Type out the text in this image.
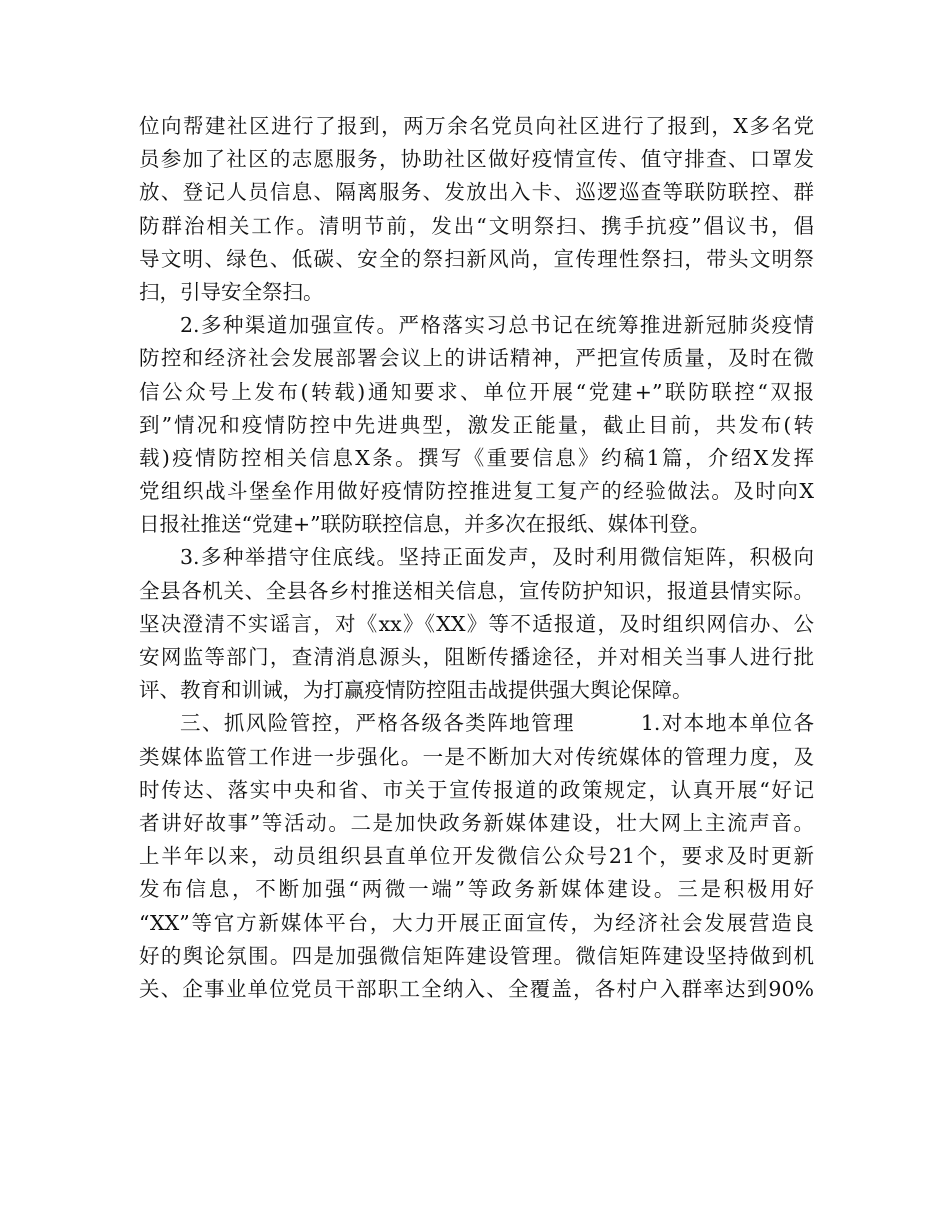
位向帮建社区进行了报到，两万余名党员向社区进行了报到，X多名党
员参加了社区的志愿服务，协助社区做好疫情宣传、值守排查、口罩发
放、登记人员信息、隔离服务、发放出入卡、巡逻巡查等联防联控、群
防群治相关工作。清明节前，发出“文明祭扫、携手抗疫”倡议书，倡
导文明、绿色、低碳、安全的祭扫新风尚，宣传理性祭扫，带头文明祭
扫，引导安全祭扫。
2.多种渠道加强宣传。严格落实习总书记在统筹推进新冠肺炎疫情
防控和经济社会发展部署会议上的讲话精神，严把宣传质量，及时在微
信公众号上发布(转载)通知要求、单位开展“党建+”联防联控“双报
到”情况和疫情防控中先进典型，激发正能量，截止目前，共发布(转
载)疫情防控相关信息X条。撰写《重要信息》约稿1篇，介绍X发挥
党组织战斗堡垒作用做好疫情防控推进复工复产的经验做法。及时向X
日报社推送“党建+”联防联控信息，并多次在报纸、媒体刊登。
3.多种举措守住底线。坚持正面发声，及时利用微信矩阵，积极向
全县各机关、全县各乡村推送相关信息，宣传防护知识，报道县情实际。
坚决澄清不实谣言，对《xx》《XX》等不适报道，及时组织网信办、公
安网监等部门，查清消息源头，阻断传播途径，并对相关当事人进行批
评、教育和训诫，为打赢疫情防控阻击战提供强大舆论保障。
三、抓风险管控，严格各级各类阵地管理　　　1.对本地本单位各
类媒体监管工作进一步强化。一是不断加大对传统媒体的管理力度，及
时传达、落实中央和省、市关于宣传报道的政策规定，认真开展“好记
者讲好故事”等活动。二是加快政务新媒体建设，壮大网上主流声音。
上半年以来，动员组织县直单位开发微信公众号21个，要求及时更新
发布信息，不断加强“两微一端”等政务新媒体建设。三是积极用好
“XX”等官方新媒体平台，大力开展正面宣传，为经济社会发展营造良
好的舆论氛围。四是加强微信矩阵建设管理。微信矩阵建设坚持做到机
关、企事业单位党员干部职工全纳入、全覆盖，各村户入群率达到90%
